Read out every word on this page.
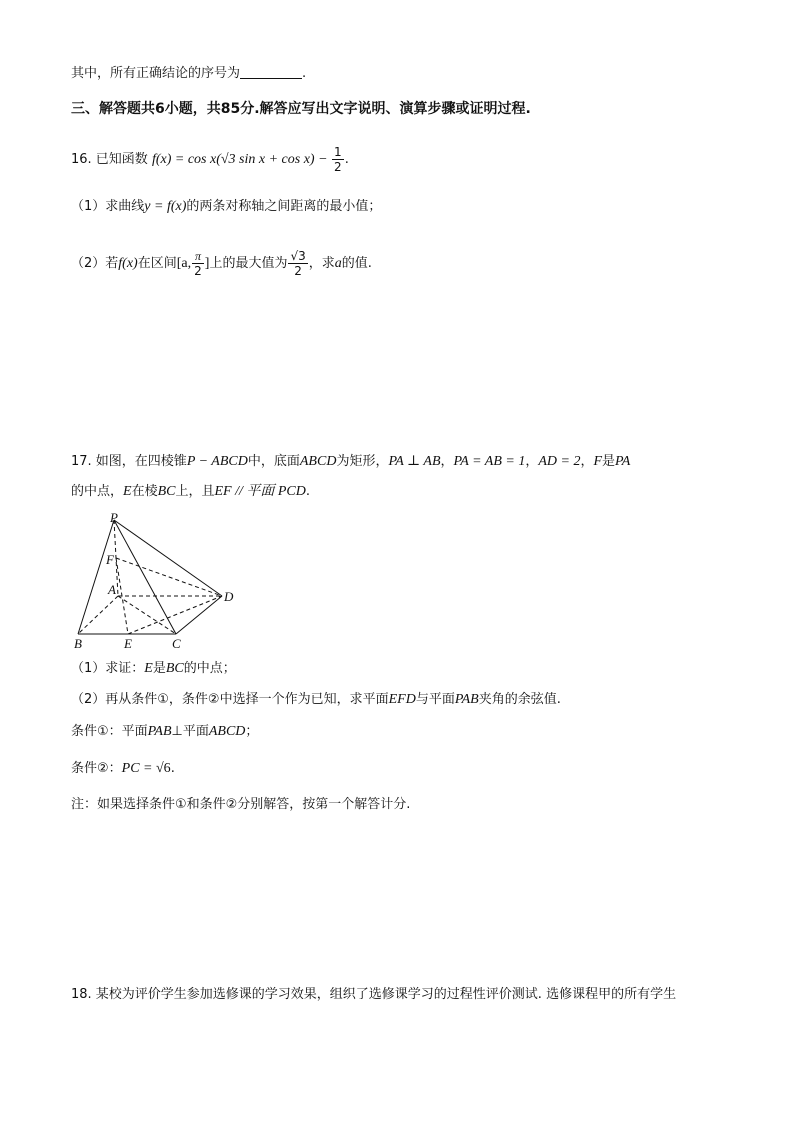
其中，所有正确结论的序号为	.
三、解答题共6小题，共85分.解答应写出文字说明、演算步骤或证明过程.
16. 已知函数 f(x) = cos x(√3 $\sin x + \cos x) - \frac{1}{2}$ .
（1）求曲线y = f(x)的两条对称轴之间距离的最小值；
（2）若f(x)在区间[a, $\frac{\pi}{2}$ ]上的最大值为 $\frac{√3}{2}$ ，求a的值.
17. 如图，在四棱锥P − ABCD中，底面ABCD为矩形，PA ⊥ AB，PA = AB = 1，AD = 2，F是PA
的中点，E在棱BC上，且EF // 平面 PCD.
P
F
A	D
B	E	C
（1）求证：E是BC的中点；
（2）再从条件①，条件②中选择一个作为已知，求平面EFD与平面PAB夹角的余弦值.
条件①：平面PAB⊥平面ABCD；
条件②：PC = √6.
注：如果选择条件①和条件②分别解答，按第一个解答计分.
18. 某校为评价学生参加选修课的学习效果，组织了选修课学习的过程性评价测试. 选修课程甲的所有学生
